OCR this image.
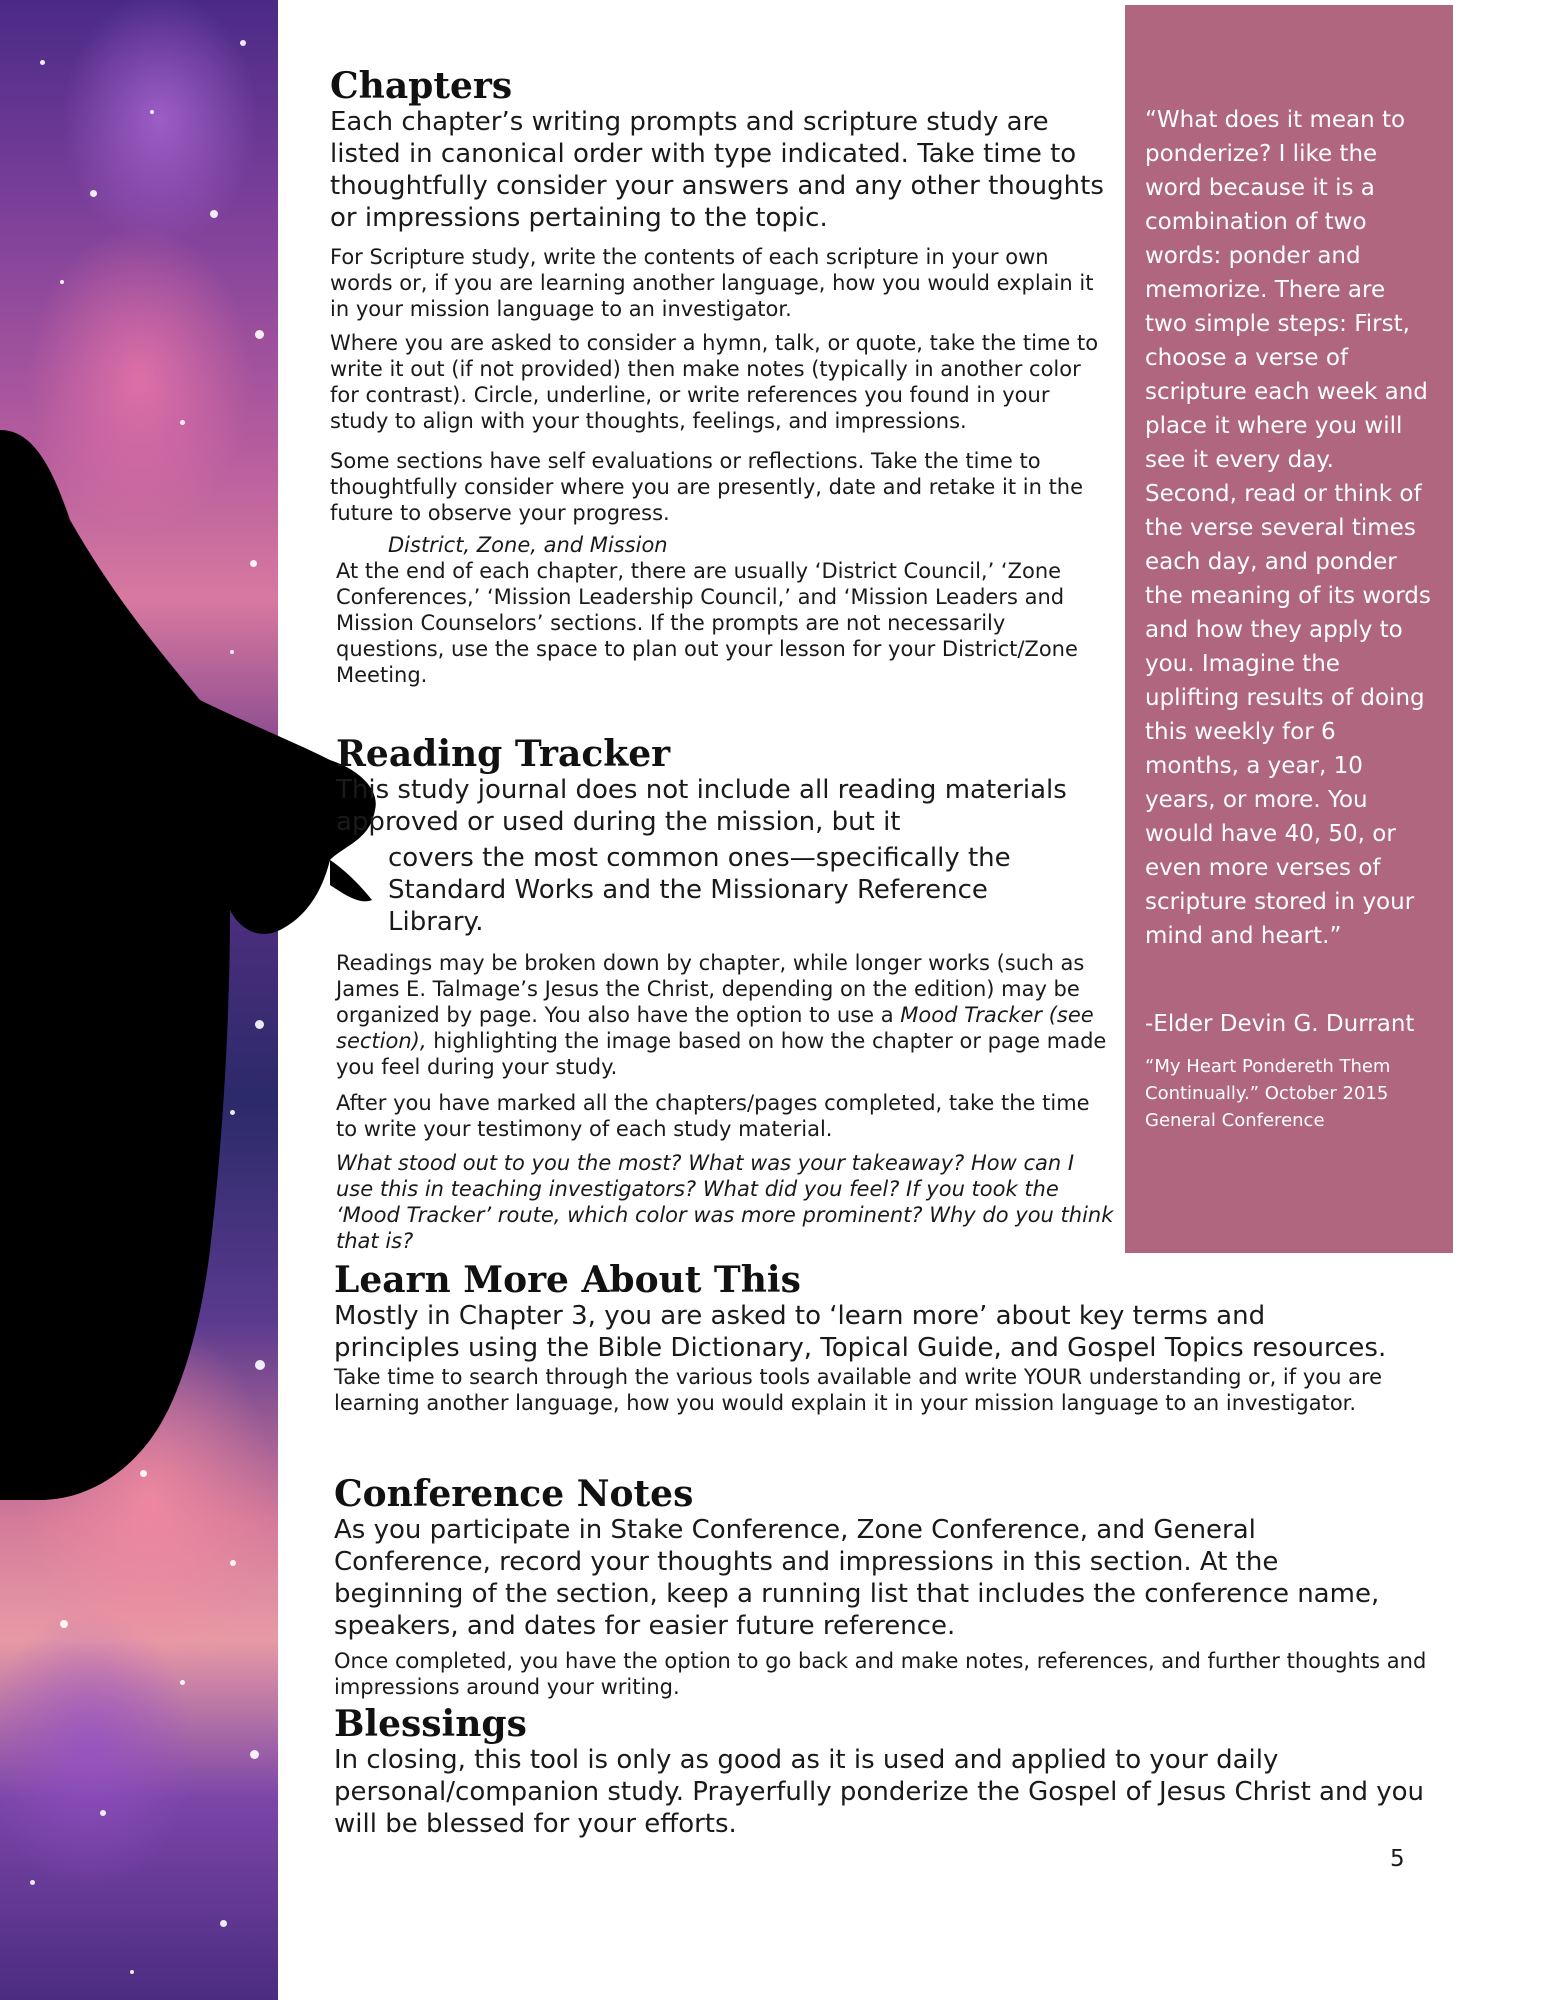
“What does it mean to ponderize? I like the word because it is a combination of two words: ponder and memorize. There are two simple steps: First, choose a verse of scripture each week and place it where you will see it every day. Second, read or think of the verse several times each day, and ponder the meaning of its words and how they apply to you. Imagine the uplifting results of doing this weekly for 6 months, a year, 10 years, or more. You would have 40, 50, or even more verses of scripture stored in your mind and heart.”

-Elder Devin G. Durrant

“My Heart Pondereth Them Continually.” October 2015 General Conference

Chapters

Each chapter’s writing prompts and scripture study are listed in canonical order with type indicated. Take time to thoughtfully consider your answers and any other thoughts or impressions pertaining to the topic.

For Scripture study, write the contents of each scripture in your own words or, if you are learning another language, how you would explain it in your mission language to an investigator.

Where you are asked to consider a hymn, talk, or quote, take the time to write it out (if not provided) then make notes (typically in another color for contrast). Circle, underline, or write references you found in your study to align with your thoughts, feelings, and impressions.

Some sections have self evaluations or reflections. Take the time to thoughtfully consider where you are presently, date and retake it in the future to observe your progress.

District, Zone, and Mission

At the end of each chapter, there are usually ‘District Council,’ ‘Zone Conferences,’ ‘Mission Leadership Council,’ and ‘Mission Leaders and Mission Counselors’ sections. If the prompts are not necessarily questions, use the space to plan out your lesson for your District/Zone Meeting.

Reading Tracker

This study journal does not include all reading materials approved or used during the mission, but it

covers the most common ones—specifically the Standard Works and the Missionary Reference Library.

Readings may be broken down by chapter, while longer works (such as James E. Talmage’s Jesus the Christ, depending on the edition) may be organized by page. You also have the option to use a Mood Tracker (see section), highlighting the image based on how the chapter or page made you feel during your study.

After you have marked all the chapters/pages completed, take the time to write your testimony of each study material.

What stood out to you the most? What was your takeaway? How can I use this in teaching investigators? What did you feel? If you took the ‘Mood Tracker’ route, which color was more prominent? Why do you think that is?

Learn More About This

Mostly in Chapter 3, you are asked to ‘learn more’ about key terms and principles using the Bible Dictionary, Topical Guide, and Gospel Topics resources.

Take time to search through the various tools available and write YOUR understanding or, if you are learning another language, how you would explain it in your mission language to an investigator.

Conference Notes

As you participate in Stake Conference, Zone Conference, and General Conference, record your thoughts and impressions in this section. At the beginning of the section, keep a running list that includes the conference name, speakers, and dates for easier future reference.

Once completed, you have the option to go back and make notes, references, and further thoughts and impressions around your writing.

Blessings

In closing, this tool is only as good as it is used and applied to your daily personal/companion study. Prayerfully ponderize the Gospel of Jesus Christ and you will be blessed for your efforts.

5
